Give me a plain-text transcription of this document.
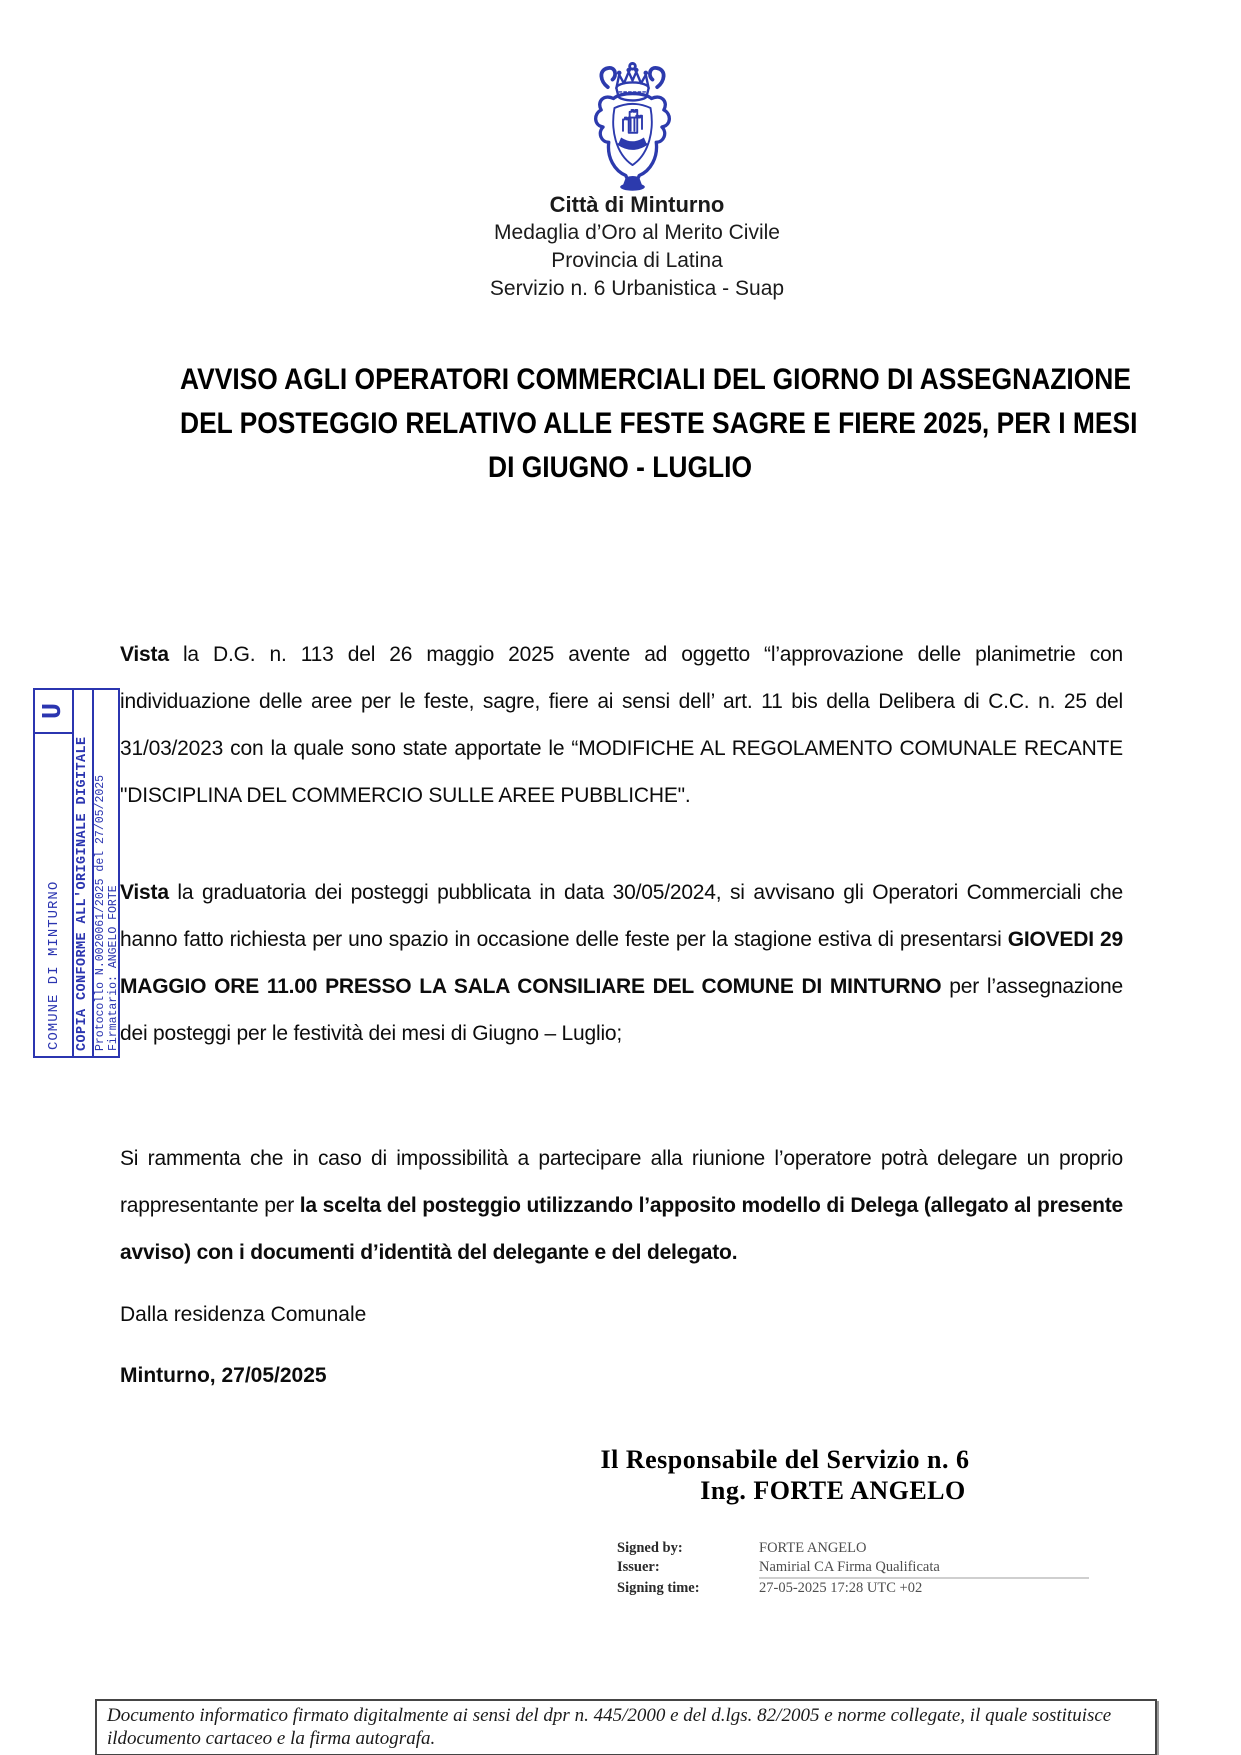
Città di Minturno
Medaglia d’Oro al Merito Civile
Provincia di Latina
Servizio n. 6 Urbanistica - Suap
AVVISO AGLI OPERATORI COMMERCIALI DEL GIORNO DI ASSEGNAZIONE
DEL POSTEGGIO RELATIVO ALLE FESTE SAGRE E FIERE 2025, PER I MESI
DI GIUGNO - LUGLIO
COMUNE DI MINTURNO
U
COPIA CONFORME ALL'ORIGINALE DIGITALE Protocollo N.0020061/2025 del 27/05/2025 Firmatario: ANGELO FORTE
Vista la D.G. n. 113 del 26 maggio 2025 avente ad oggetto “l’approvazione delle planimetrie con individuazione delle aree per le feste, sagre, fiere ai sensi dell’ art. 11 bis della Delibera di C.C. n. 25 del 31/03/2023 con la quale sono state apportate le “MODIFICHE AL REGOLAMENTO COMUNALE RECANTE "DISCIPLINA DEL COMMERCIO SULLE AREE PUBBLICHE".
Vista la graduatoria dei posteggi pubblicata in data 30/05/2024, si avvisano gli Operatori Commerciali che hanno fatto richiesta per uno spazio in occasione delle feste per la stagione estiva di presentarsi GIOVEDI 29 MAGGIO ORE 11.00 PRESSO LA SALA CONSILIARE DEL COMUNE DI MINTURNO per l’assegnazione dei posteggi per le festività dei mesi di Giugno – Luglio;
Si rammenta che in caso di impossibilità a partecipare alla riunione l’operatore potrà delegare un proprio rappresentante per la scelta del posteggio utilizzando l’apposito modello di Delega (allegato al presente avviso) con i documenti d’identità del delegante e del delegato.
Dalla residenza Comunale
Minturno, 27/05/2025
Il Responsabile del Servizio n. 6
Ing. FORTE ANGELO
Signed by:	FORTE ANGELO
Issuer:	Namirial CA Firma Qualificata
Signing time:	27-05-2025 17:28 UTC +02
Documento informatico firmato digitalmente ai sensi del dpr n. 445/2000 e del d.lgs. 82/2005 e norme collegate, il quale sostituisce ildocumento cartaceo e la firma autografa.
